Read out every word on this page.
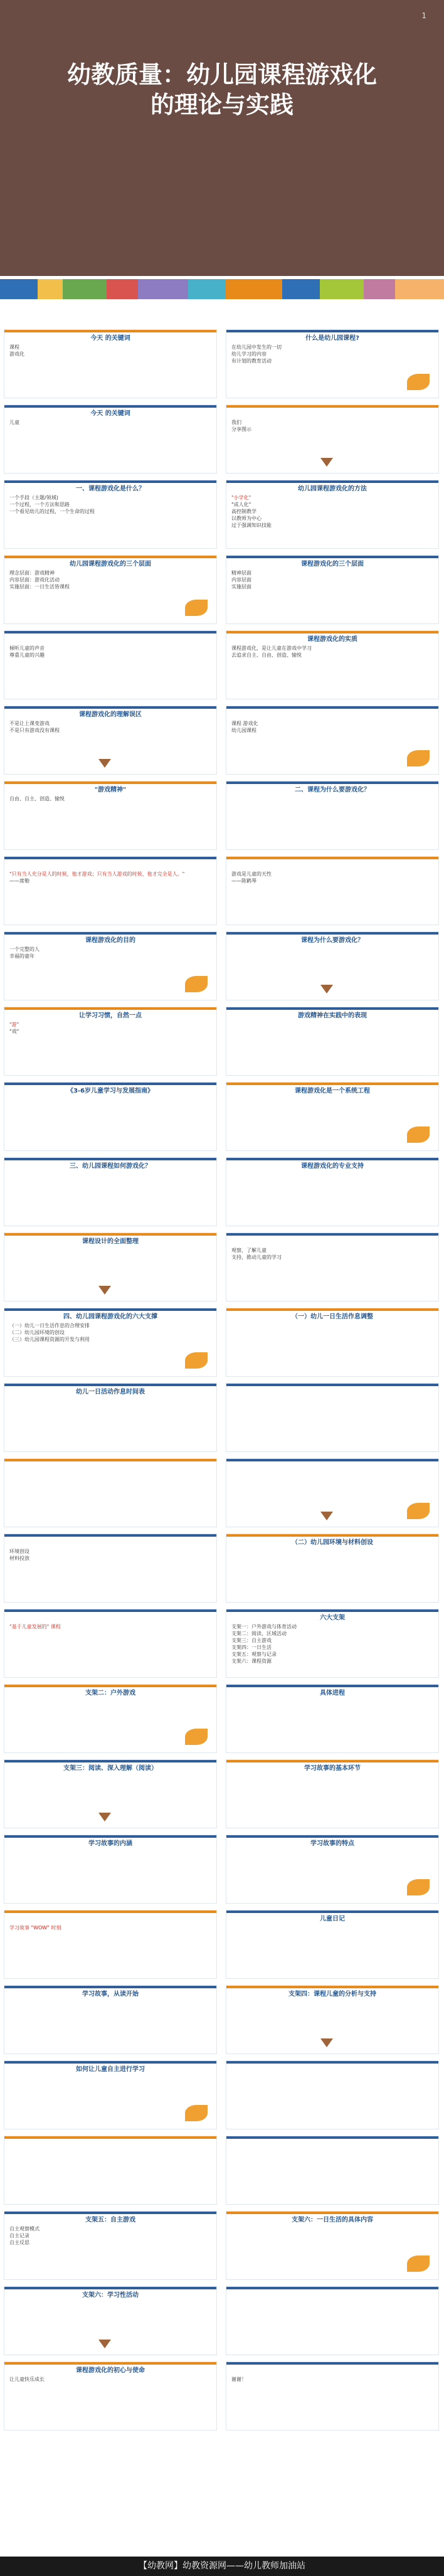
1
幼教质量：幼儿园课程游戏化
的理论与实践
今天 的关键词
课程
游戏化
什么是幼儿园课程?
在幼儿园中发生的一切
幼儿学习的内容
有计划的教育活动
今天 的关键词
儿童	我们
分享图示
一、课程游戏化是什么？
一个手段（主题/领域)
一个过程，一个方法和思路
一个看见幼儿的过程，一个生命的过程
幼儿园课程游戏化的方法
"小学化"
"成人化"
高控制教学
以教师为中心
过于强调知识技能
幼儿园课程游戏化的三个层面
理念层面：游戏精神
内容层面：游戏化活动
实施层面：一日生活皆课程
课程游戏化的三个层面
精神层面
内容层面
实施层面
倾听儿童的声音
尊重儿童的兴趣
课程游戏化的实质
课程游戏化，是让儿童在游戏中学习
去追求自主、自由、创造、愉悦
课程游戏化的理解误区
不是让上课变游戏
不是只有游戏没有课程
课程 游戏化
幼儿园课程
"游戏精神"
自由、自主、创造、愉悦
二、课程为什么要游戏化？
"只有当人充分是人的时候，他才游戏；只有当人游戏的时候，他才完全是人。"
——席勒
游戏是儿童的天性
——陈鹤琴
课程游戏化的目的
一个完整的人
幸福的童年
课程为什么要游戏化？
让学习习惯，自然一点
"游"
"戏"
游戏精神在实践中的表现
《3-6岁儿童学习与发展指南》	课程游戏化是一个系统工程
三、幼儿园课程如何游戏化？	课程游戏化的专业支持
课程设计的全面整理
观察，了解儿童
支持，推动儿童的学习
四、幼儿园课程游戏化的六大支撑
（一）幼儿一日生活作息的合理安排
（二）幼儿园环境的创设
（三）幼儿园课程资源的开发与利用
（一）幼儿一日生活作息调整
幼儿一日活动作息时间表
环境创设
材料投放
（二）幼儿园环境与材料创设
"基于儿童发展的" 课程
六大支架
支架一：户外游戏与体育活动
支架二：阅读、区域活动
支架三：自主游戏
支架四：一日生活
支架五：观察与记录
支架六：课程资源
支架二：户外游戏	具体进程
支架三：阅读、深入理解（阅读）	学习故事的基本环节
学习故事的内涵	学习故事的特点
学习故事 "WOW" 时刻
儿童日记
学习故事，从读开始	支架四：课程儿童的分析与支持
如何让儿童自主进行学习
支架五：自主游戏
自主观察模式
自主记录
自主反思
支架六：一日生活的具体内容
支架六：学习性活动
课程游戏化的初心与使命
让儿童快乐成长	谢谢！
【幼教网】幼教资源网——幼儿教师加油站
